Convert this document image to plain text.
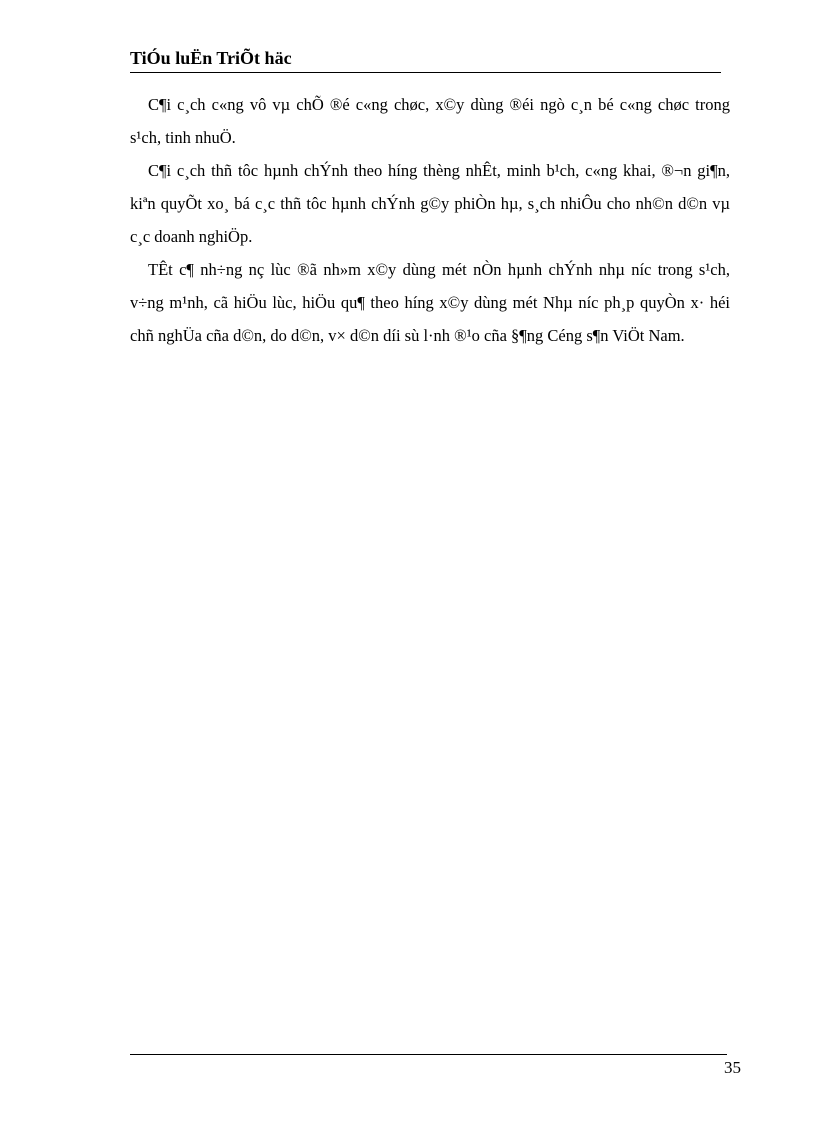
TiÓu luËn TriÕt häc

C¶i c¸ch c«ng vô vµ chÕ ®é c«ng chøc, x©y dùng ®éi ngò c¸n bé c«ng chøc trong s¹ch, tinh nhuÖ.

C¶i c¸ch thñ tôc hµnh chÝnh theo híng thèng nhÊt, minh b¹ch, c«ng khai, ®¬n gi¶n, kiªn quyÕt xo¸ bá c¸c thñ tôc hµnh chÝnh g©y phiÒn hµ, s¸ch nhiÔu cho nh©n d©n vµ c¸c doanh nghiÖp.

TÊt c¶ nh÷ng nç lùc ®ã nh»m x©y dùng mét nÒn hµnh chÝnh nhµ níc trong s¹ch, v÷ng m¹nh, cã hiÖu lùc, hiÖu qu¶ theo híng x©y dùng mét Nhµ níc ph¸p quyÒn x· héi chñ nghÜa cña d©n, do d©n, v× d©n díi sù l·nh ®¹o cña §¶ng Céng s¶n ViÖt Nam.

35
